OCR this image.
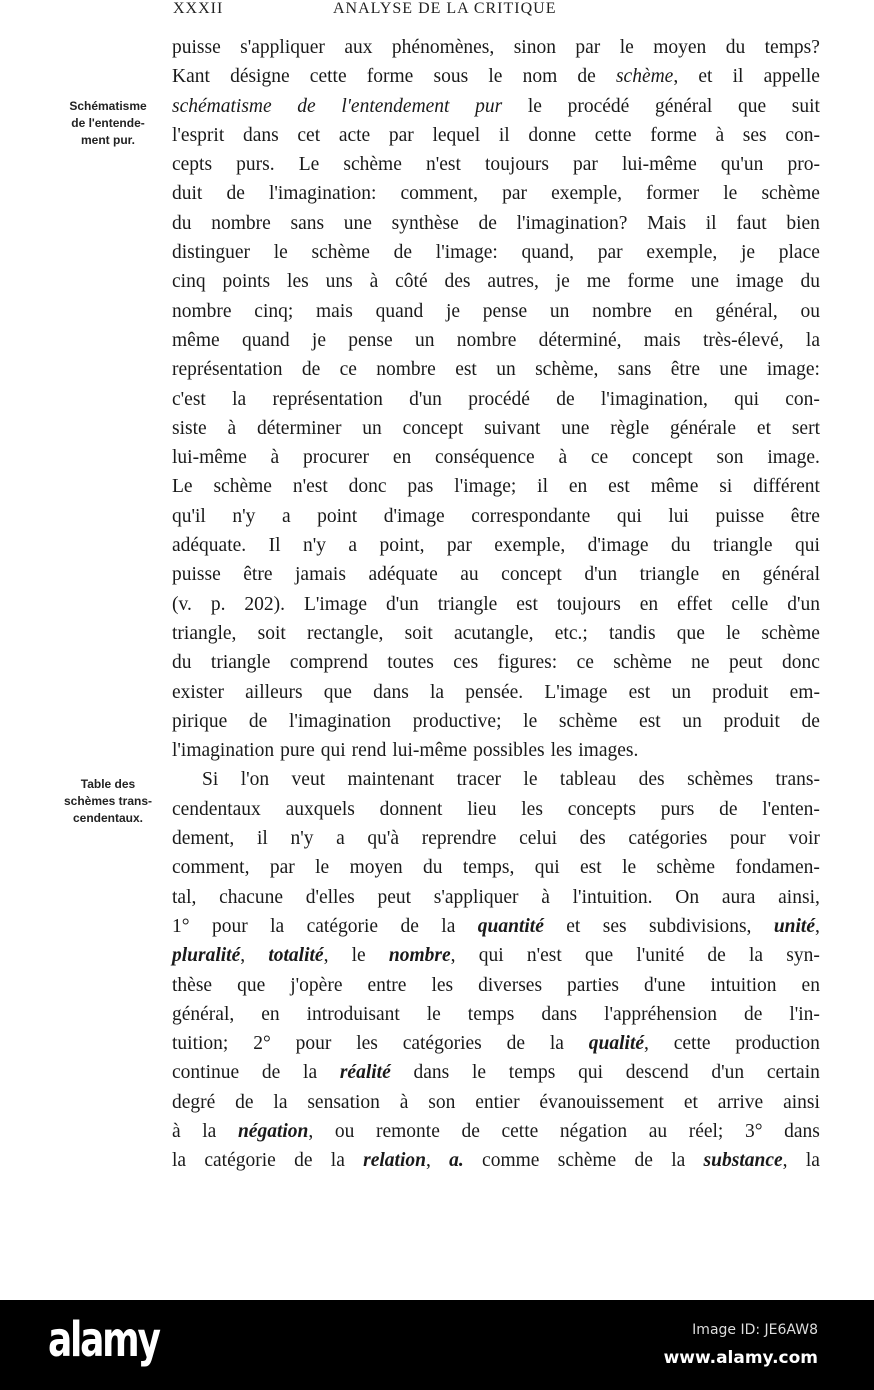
XXXII	ANALYSE DE LA CRITIQUE
Schématisme
de l'entende-
ment pur.
Table des
schèmes trans-
cendentaux.
puisse s'appliquer aux phénomènes, sinon par le moyen du temps?
Kant désigne cette forme sous le nom de schème, et il appelle
schématisme de l'entendement pur le procédé général que suit
l'esprit dans cet acte par lequel il donne cette forme à ses con-
cepts purs. Le schème n'est toujours par lui-même qu'un pro-
duit de l'imagination: comment, par exemple, former le schème
du nombre sans une synthèse de l'imagination? Mais il faut bien
distinguer le schème de l'image: quand, par exemple, je place
cinq points les uns à côté des autres, je me forme une image du
nombre cinq; mais quand je pense un nombre en général, ou
même quand je pense un nombre déterminé, mais très-élevé, la
représentation de ce nombre est un schème, sans être une image:
c'est la représentation d'un procédé de l'imagination, qui con-
siste à déterminer un concept suivant une règle générale et sert
lui-même à procurer en conséquence à ce concept son image.
Le schème n'est donc pas l'image; il en est même si différent
qu'il n'y a point d'image correspondante qui lui puisse être
adéquate. Il n'y a point, par exemple, d'image du triangle qui
puisse être jamais adéquate au concept d'un triangle en général
(v. p. 202). L'image d'un triangle est toujours en effet celle d'un
triangle, soit rectangle, soit acutangle, etc.; tandis que le schème
du triangle comprend toutes ces figures: ce schème ne peut donc
exister ailleurs que dans la pensée. L'image est un produit em-
pirique de l'imagination productive; le schème est un produit de
l'imagination pure qui rend lui-même possibles les images.
Si l'on veut maintenant tracer le tableau des schèmes trans-
cendentaux auxquels donnent lieu les concepts purs de l'enten-
dement, il n'y a qu'à reprendre celui des catégories pour voir
comment, par le moyen du temps, qui est le schème fondamen-
tal, chacune d'elles peut s'appliquer à l'intuition. On aura ainsi,
1° pour la catégorie de la quantité et ses subdivisions, unité,
pluralité, totalité, le nombre, qui n'est que l'unité de la syn-
thèse que j'opère entre les diverses parties d'une intuition en
général, en introduisant le temps dans l'appréhension de l'in-
tuition; 2° pour les catégories de la qualité, cette production
continue de la réalité dans le temps qui descend d'un certain
degré de la sensation à son entier évanouissement et arrive ainsi
à la négation, ou remonte de cette négation au réel; 3° dans
la catégorie de la relation, a. comme schème de la substance, la
alamy	Image ID: JE6AW8
www.alamy.com
